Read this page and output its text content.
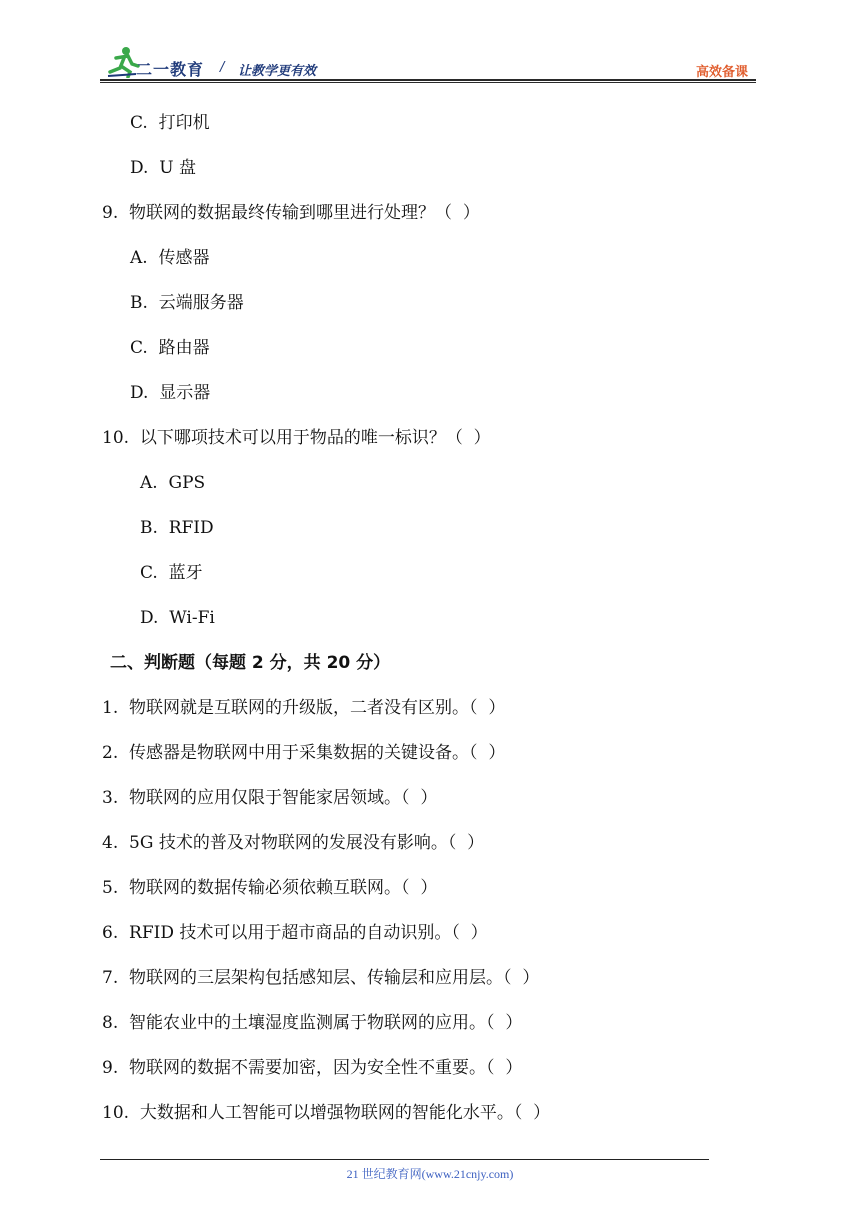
二一教育 / 让教学更有效	高效备课
C.  打印机
D.  U 盘
9.  物联网的数据最终传输到哪里进行处理？（  ）
A.  传感器
B.  云端服务器
C.  路由器
D.  显示器
10.  以下哪项技术可以用于物品的唯一标识？（  ）
A.  GPS
B.  RFID
C.  蓝牙
D.  Wi-Fi
二、判断题（每题 2 分，共 20 分）
1.  物联网就是互联网的升级版，二者没有区别。（  ）
2.  传感器是物联网中用于采集数据的关键设备。（  ）
3.  物联网的应用仅限于智能家居领域。（  ）
4.  5G 技术的普及对物联网的发展没有影响。（  ）
5.  物联网的数据传输必须依赖互联网。（  ）
6.  RFID 技术可以用于超市商品的自动识别。（  ）
7.  物联网的三层架构包括感知层、传输层和应用层。（  ）
8.  智能农业中的土壤湿度监测属于物联网的应用。（  ）
9.  物联网的数据不需要加密，因为安全性不重要。（  ）
10.  大数据和人工智能可以增强物联网的智能化水平。（  ）
21 世纪教育网(www.21cnjy.com)
